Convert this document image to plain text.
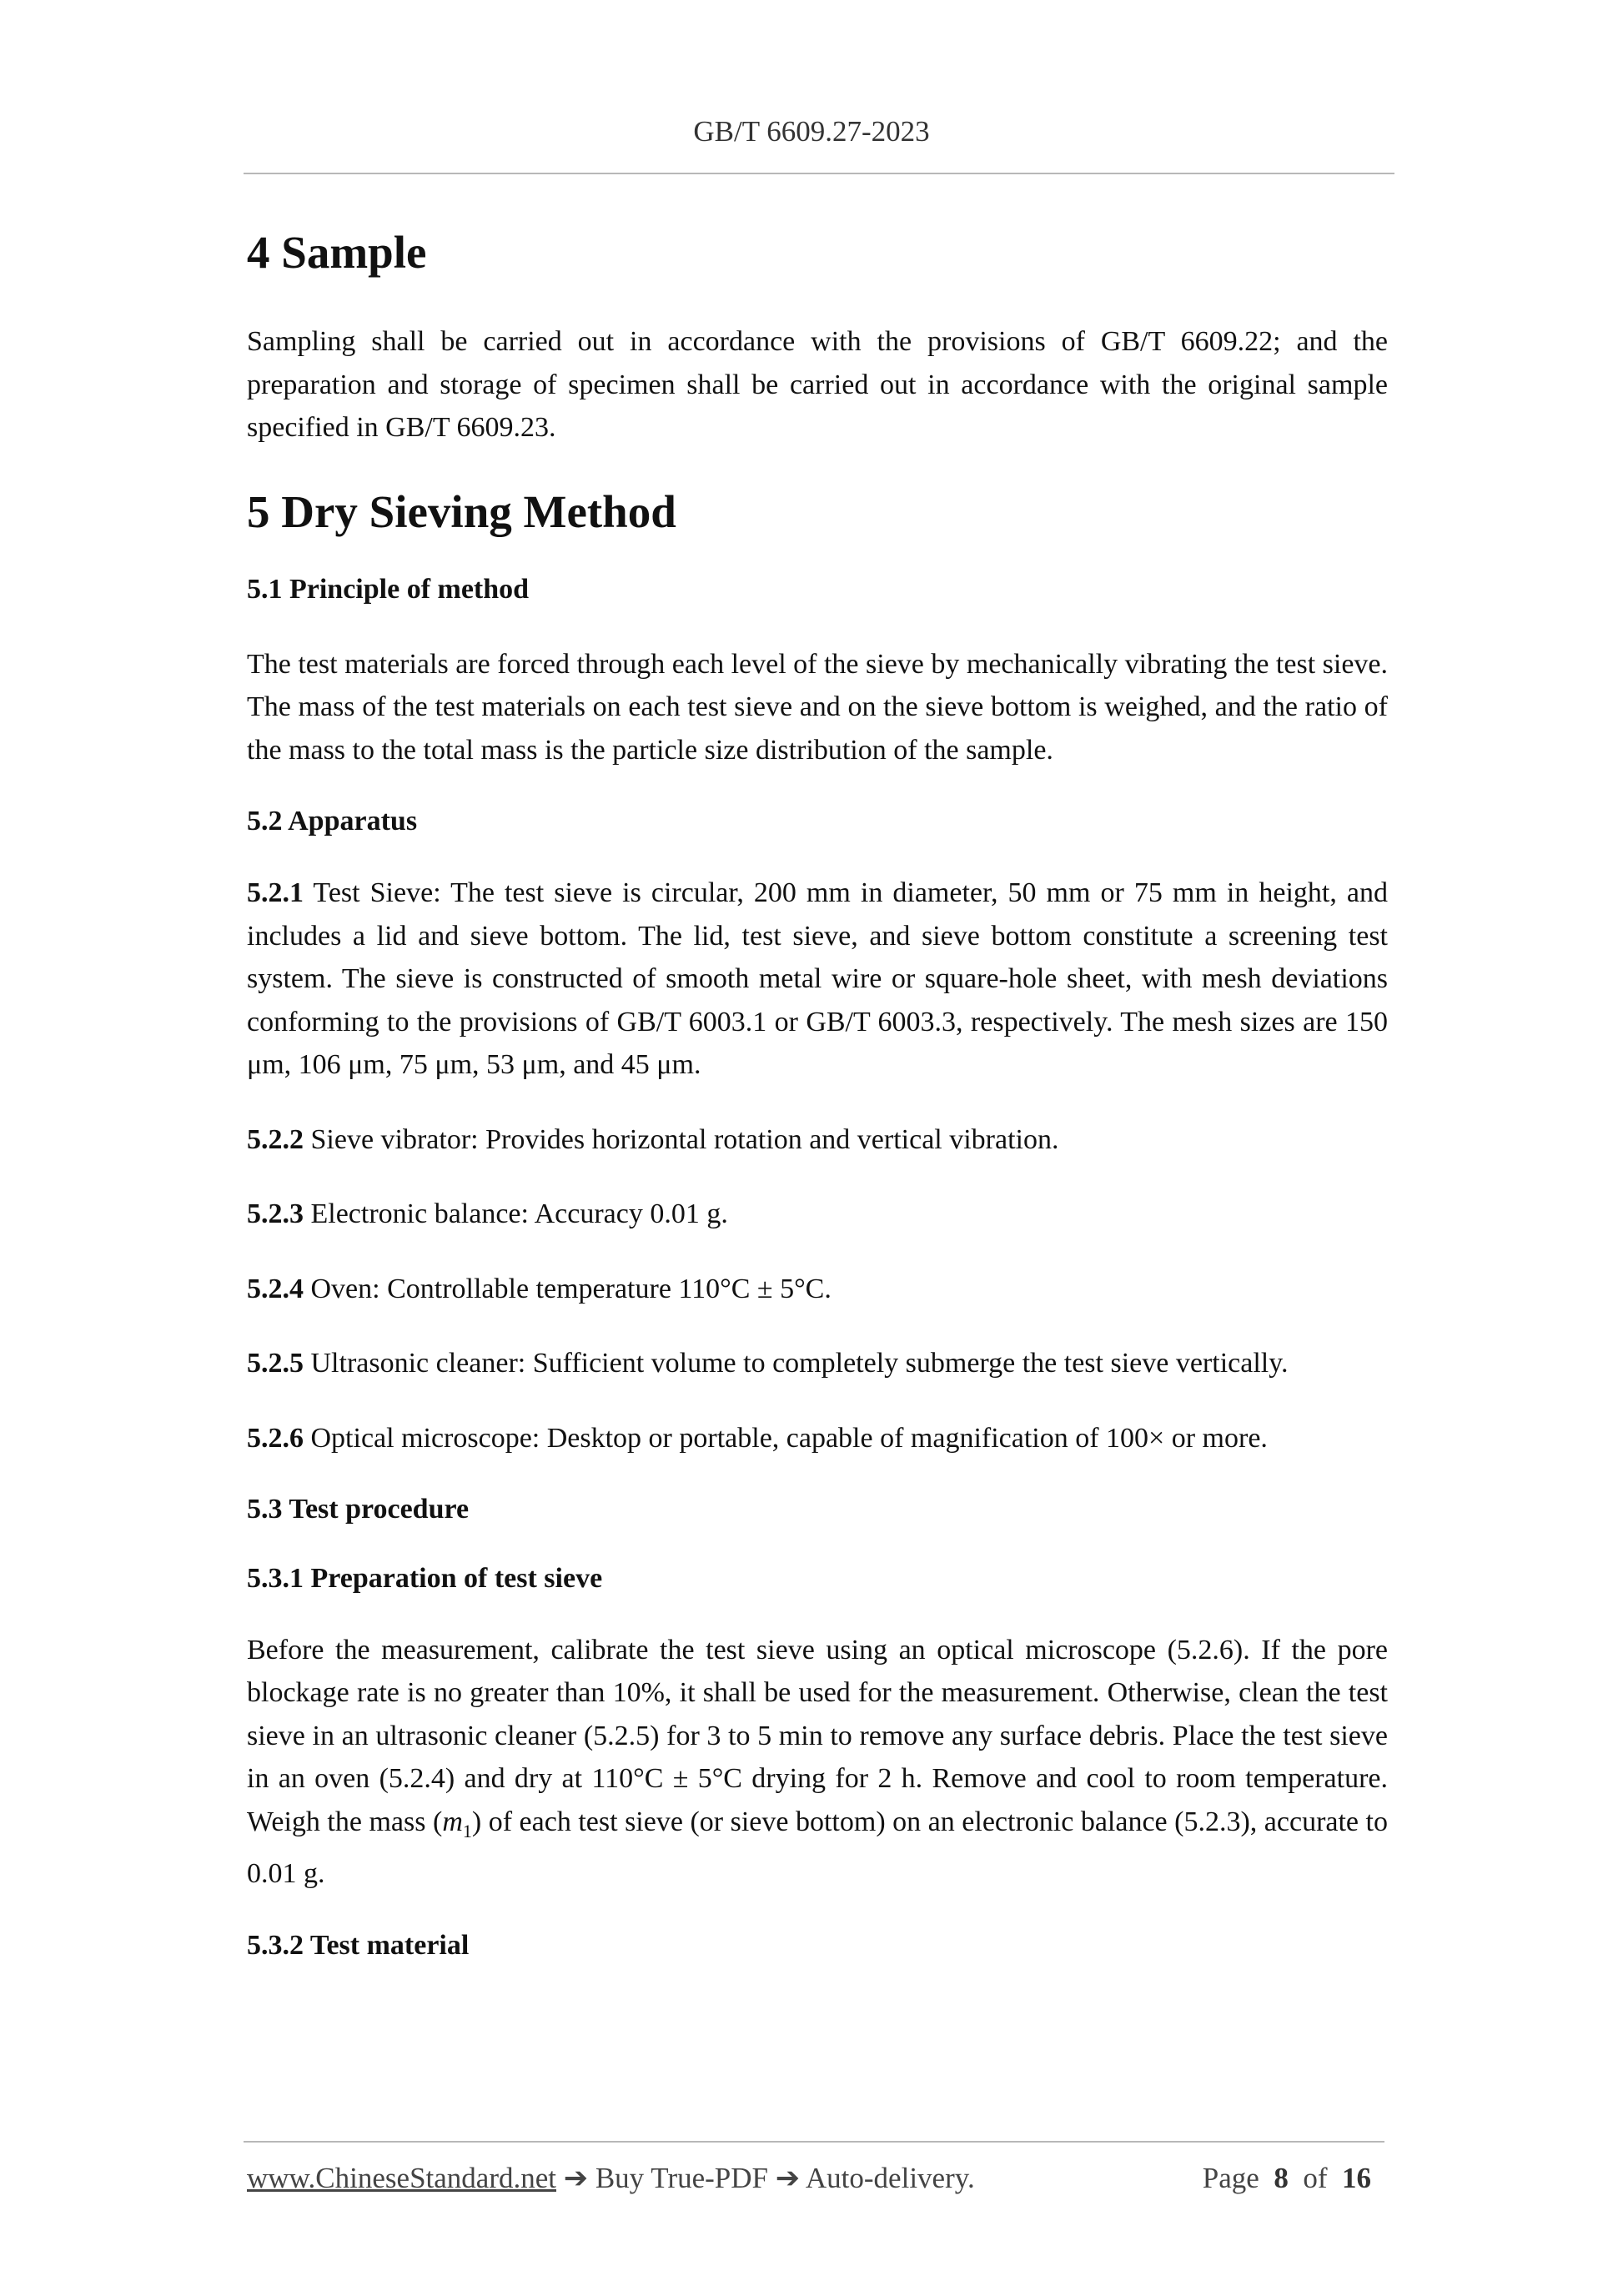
GB/T 6609.27-2023
4 Sample

Sampling shall be carried out in accordance with the provisions of GB/T 6609.22; and the preparation and storage of specimen shall be carried out in accordance with the original sample specified in GB/T 6609.23.

5 Dry Sieving Method
5.1 Principle of method

The test materials are forced through each level of the sieve by mechanically vibrating the test sieve. The mass of the test materials on each test sieve and on the sieve bottom is weighed, and the ratio of the mass to the total mass is the particle size distribution of the sample.

5.2 Apparatus

5.2.1 Test Sieve: The test sieve is circular, 200 mm in diameter, 50 mm or 75 mm in height, and includes a lid and sieve bottom. The lid, test sieve, and sieve bottom constitute a screening test system. The sieve is constructed of smooth metal wire or square-hole sheet, with mesh deviations conforming to the provisions of GB/T 6003.1 or GB/T 6003.3, respectively. The mesh sizes are 150 μm, 106 μm, 75 μm, 53 μm, and 45 μm.

5.2.2 Sieve vibrator: Provides horizontal rotation and vertical vibration.

5.2.3 Electronic balance: Accuracy 0.01 g.

5.2.4 Oven: Controllable temperature 110°C ± 5°C.

5.2.5 Ultrasonic cleaner: Sufficient volume to completely submerge the test sieve vertically.

5.2.6 Optical microscope: Desktop or portable, capable of magnification of 100× or more.

5.3 Test procedure
5.3.1 Preparation of test sieve

Before the measurement, calibrate the test sieve using an optical microscope (5.2.6). If the pore blockage rate is no greater than 10%, it shall be used for the measurement. Otherwise, clean the test sieve in an ultrasonic cleaner (5.2.5) for 3 to 5 min to remove any surface debris. Place the test sieve in an oven (5.2.4) and dry at 110°C ± 5°C drying for 2 h. Remove and cool to room temperature. Weigh the mass $(m_1)$ of each test sieve (or sieve bottom) on an electronic balance (5.2.3), accurate to 0.01 g.

5.3.2 Test material
www.ChineseStandard.net ➔ Buy True-PDF ➔ Auto-delivery.	Page 8 of 16
